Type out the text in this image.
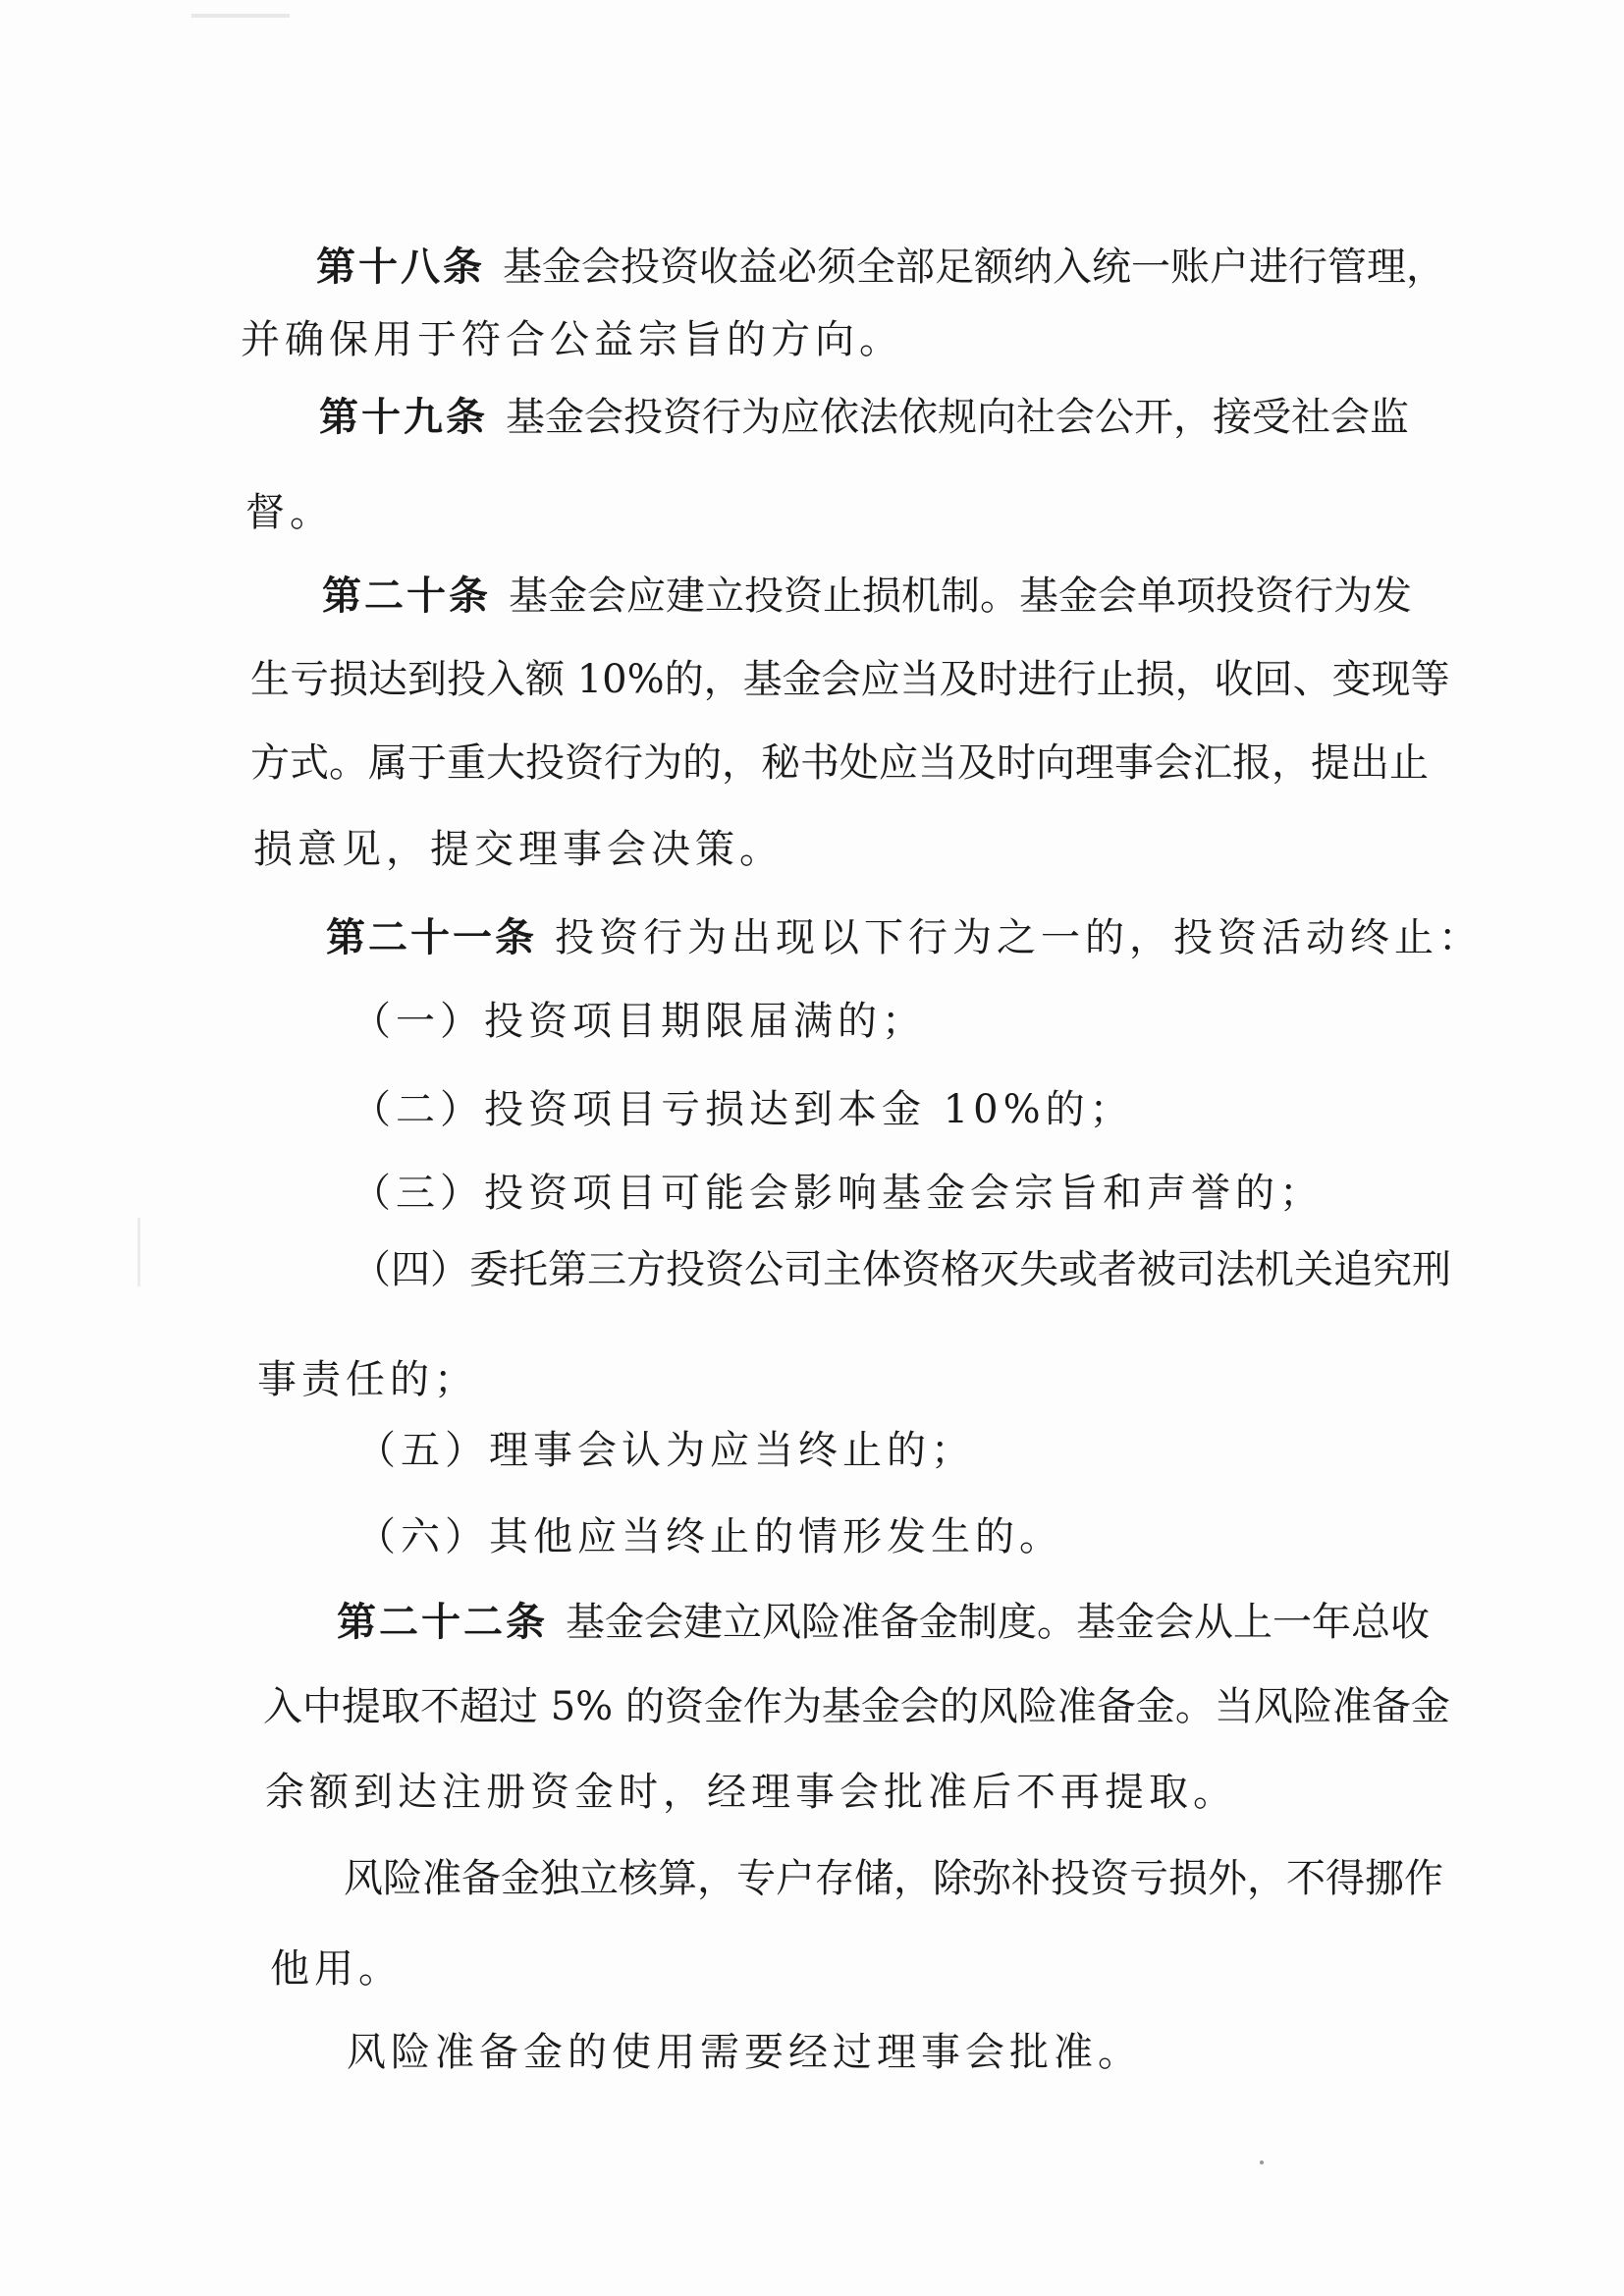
第十八条 基金会投资收益必须全部足额纳入统一账户进行管理，

并确保用于符合公益宗旨的方向。

第十九条 基金会投资行为应依法依规向社会公开，接受社会监

督。

第二十条 基金会应建立投资止损机制。基金会单项投资行为发

生亏损达到投入额 10%的，基金会应当及时进行止损，收回、变现等

方式。属于重大投资行为的，秘书处应当及时向理事会汇报，提出止

损意见，提交理事会决策。

第二十一条 投资行为出现以下行为之一的，投资活动终止：

（一）投资项目期限届满的；

（二）投资项目亏损达到本金 10%的；

（三）投资项目可能会影响基金会宗旨和声誉的；

（四）委托第三方投资公司主体资格灭失或者被司法机关追究刑

事责任的；

（五）理事会认为应当终止的；

（六）其他应当终止的情形发生的。

第二十二条 基金会建立风险准备金制度。基金会从上一年总收

入中提取不超过 5% 的资金作为基金会的风险准备金。当风险准备金

余额到达注册资金时，经理事会批准后不再提取。

风险准备金独立核算，专户存储，除弥补投资亏损外，不得挪作

他用。

风险准备金的使用需要经过理事会批准。
